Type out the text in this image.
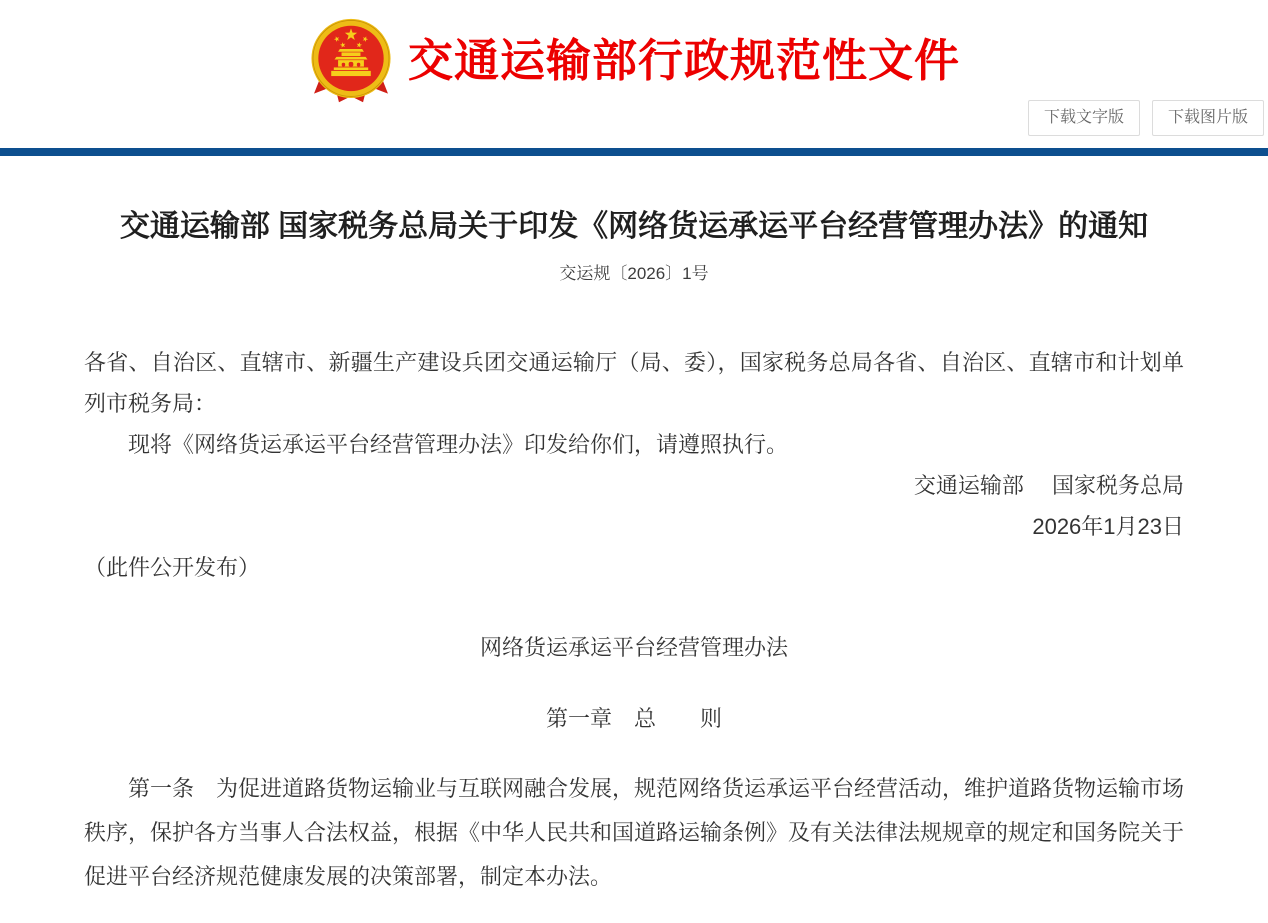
交通运输部行政规范性文件
下载文字版	下载图片版
交通运输部 国家税务总局关于印发《网络货运承运平台经营管理办法》的通知
交运规〔2026〕1号

各省、自治区、直辖市、新疆生产建设兵团交通运输厅（局、委），国家税务总局各省、自治区、直辖市和计划单列市税务局：

现将《网络货运承运平台经营管理办法》印发给你们，请遵照执行。

交通运输部　 国家税务总局
2026年1月23日
（此件公开发布）
网络货运承运平台经营管理办法
第一章　总　　则

第一条　为促进道路货物运输业与互联网融合发展，规范网络货运承运平台经营活动，维护道路货物运输市场秩序，保护各方当事人合法权益，根据《中华人民共和国道路运输条例》及有关法律法规规章的规定和国务院关于促进平台经济规范健康发展的决策部署，制定本办法。
